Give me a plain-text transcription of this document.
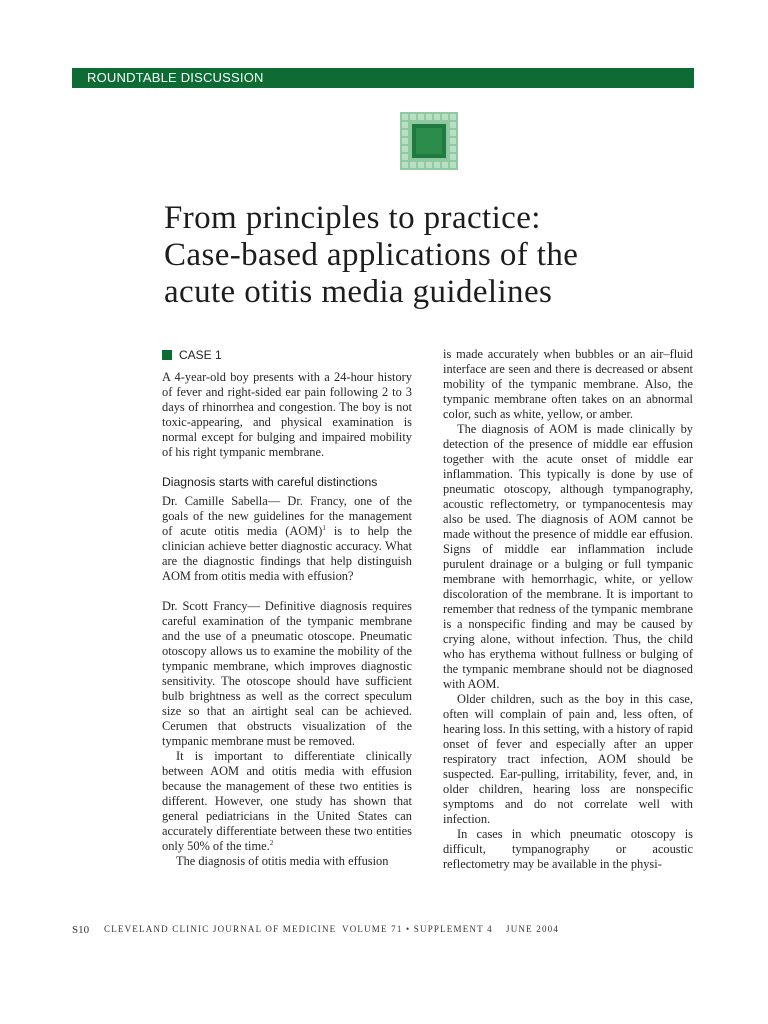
ROUNDTABLE DISCUSSION
From principles to practice:
Case-based applications of the
acute otitis media guidelines
CASE 1

A 4-year-old boy presents with a 24-hour history of fever and right-sided ear pain following 2 to 3 days of rhinorrhea and congestion. The boy is not toxic-appearing, and physical examination is normal except for bulging and impaired mobility of his right tympanic membrane.

Diagnosis starts with careful distinctions

Dr. Camille Sabella— Dr. Francy, one of the goals of the new guidelines for the management of acute otitis media (AOM)$^1$ is to help the clinician achieve better diagnostic accuracy. What are the diagnostic findings that help distinguish AOM from otitis media with effusion?

Dr. Scott Francy— Definitive diagnosis requires careful examination of the tympanic membrane and the use of a pneumatic otoscope. Pneumatic otoscopy allows us to examine the mobility of the tympanic membrane, which improves diagnostic sensitivity. The otoscope should have sufficient bulb brightness as well as the correct speculum size so that an airtight seal can be achieved. Cerumen that obstructs visualization of the tympanic membrane must be removed.

It is important to differentiate clinically between AOM and otitis media with effusion because the management of these two entities is different. However, one study has shown that general pediatricians in the United States can accurately differentiate between these two entities only 50% of the time.$^2$

The diagnosis of otitis media with effusion

is made accurately when bubbles or an air–fluid interface are seen and there is decreased or absent mobility of the tympanic membrane. Also, the tympanic membrane often takes on an abnormal color, such as white, yellow, or amber.

The diagnosis of AOM is made clinically by detection of the presence of middle ear effusion together with the acute onset of middle ear inflammation. This typically is done by use of pneumatic otoscopy, although tympanography, acoustic reflectometry, or tympanocentesis may also be used. The diagnosis of AOM cannot be made without the presence of middle ear effusion. Signs of middle ear inflammation include purulent drainage or a bulging or full tympanic membrane with hemorrhagic, white, or yellow discoloration of the membrane. It is important to remember that redness of the tympanic membrane is a nonspecific finding and may be caused by crying alone, without infection. Thus, the child who has erythema without fullness or bulging of the tympanic membrane should not be diagnosed with AOM.

Older children, such as the boy in this case, often will complain of pain and, less often, of hearing loss. In this setting, with a history of rapid onset of fever and especially after an upper respiratory tract infection, AOM should be suspected. Ear-pulling, irritability, fever, and, in older children, hearing loss are nonspecific symptoms and do not correlate well with infection.

In cases in which pneumatic otoscopy is difficult, tympanography or acoustic reflectometry may be available in the physi-

S10 CLEVELAND CLINIC JOURNAL OF MEDICINE VOLUME 71 • SUPPLEMENT 4 JUNE 2004
